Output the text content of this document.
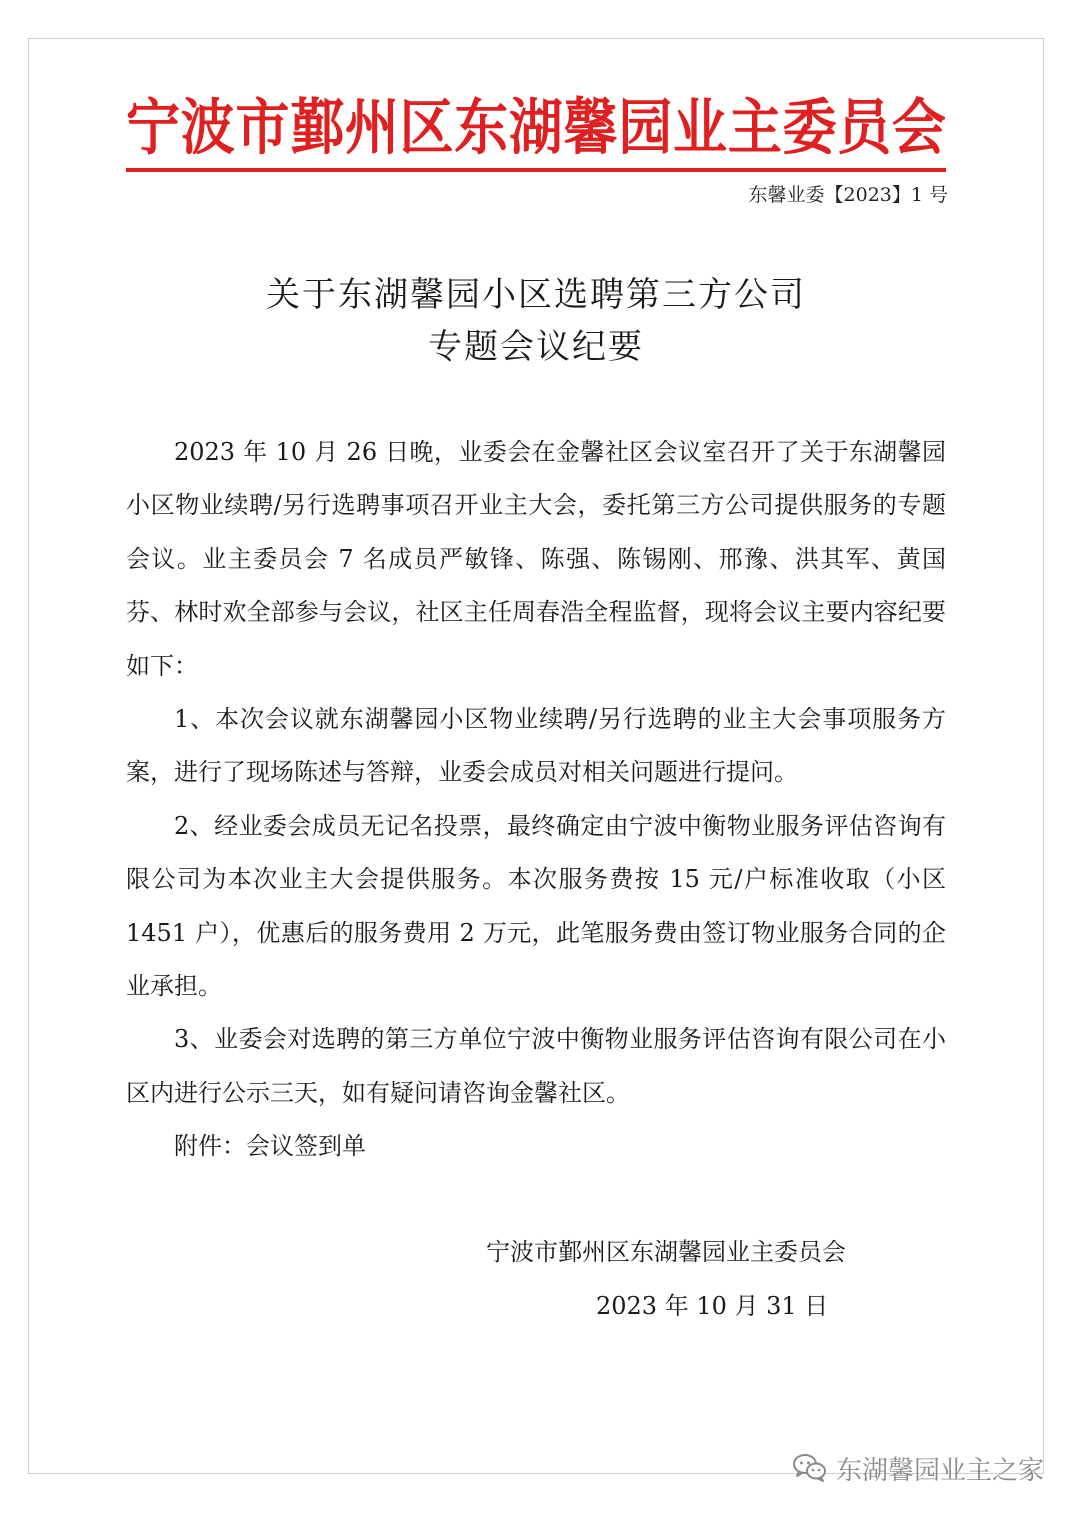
宁 波 市 鄞 州 区 东 湖 馨 园 业 主 委 员 会
东馨业委【2023】1 号
关于东湖馨园小区选聘第三方公司
专题会议纪要

2023 年 10 月 26 日晚，业委会在金馨社区会议室召开了关于东湖馨园小区物业续聘/另行选聘事项召开业主大会，委托第三方公司提供服务的专题会议。业主委员会 7 名成员严敏锋、陈强、陈锡刚、邢豫、洪其军、黄国芬、林时欢全部参与会议，社区主任周春浩全程监督，现将会议主要内容纪要如下：

1、本次会议就东湖馨园小区物业续聘/另行选聘的业主大会事项服务方案，进行了现场陈述与答辩，业委会成员对相关问题进行提问。

2、经业委会成员无记名投票，最终确定由宁波中衡物业服务评估咨询有限公司为本次业主大会提供服务。本次服务费按 15 元/户标准收取（小区 1451 户），优惠后的服务费用 2 万元，此笔服务费由签订物业服务合同的企业承担。

3、业委会对选聘的第三方单位宁波中衡物业服务评估咨询有限公司在小区内进行公示三天，如有疑问请咨询金馨社区。

附件：会议签到单

宁波市鄞州区东湖馨园业主委员会
2023 年 10 月 31 日
东湖馨园业主之家
